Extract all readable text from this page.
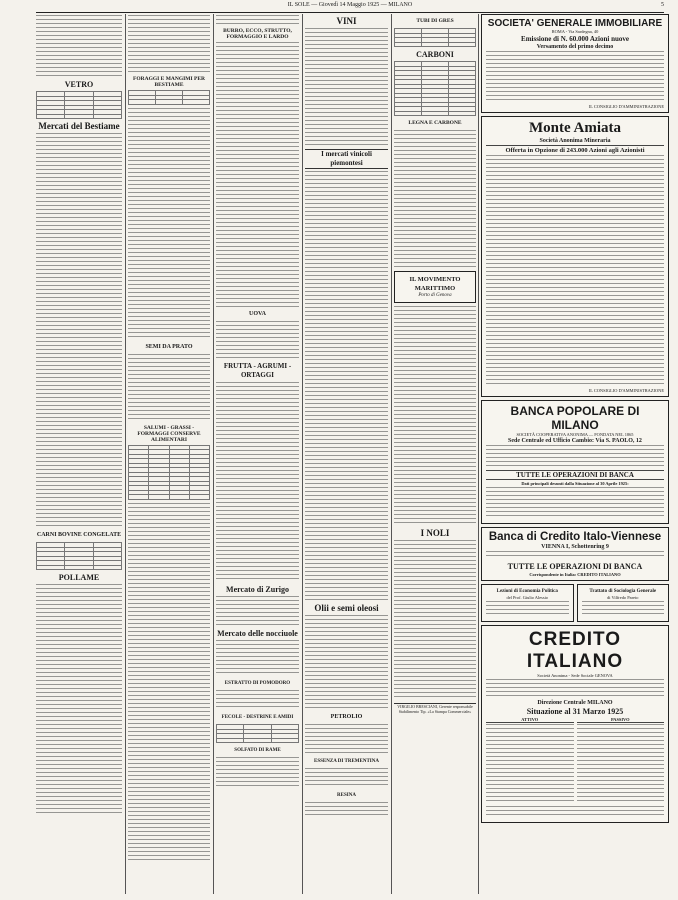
IL SOLE — Giovedì 14 Maggio 1925 — MILANO	5
VETRO

Mercati del Bestiame
CARNI BOVINE CONGELATE

POLLAME
FORAGGI E MANGIMI PER BESTIAME

SEMI DA PRATO
SALUMI - GRASSI - FORMAGGI CONSERVE ALIMENTARI

BURRO, ECCO, STRUTTO, FORMAGGIO E LARDO
UOVA
FRUTTA - AGRUMI - ORTAGGI
Mercato di Zurigo
Mercato delle nocciuole
ESTRATTO DI POMODORO
FECOLE - DESTRINE E AMIDI

SOLFATO DI RAME
VINI
I mercati vinicoli piemontesi
Olii e semi oleosi
PETROLIO
ESSENZA DI TREMENTINA
RESINA
TUBI DI GRES

CARBONI

LEGNA E CARBONE
IL MOVIMENTO MARITTIMO
Porto di Genova
I NOLI
VIRGILIO BRESCIANI, Gerente responsabile
Stabilimento Tip. «La Stampa Commerciale»
SOCIETA' GENERALE IMMOBILIARE
ROMA - Via Sardegna, 40
Emissione di N. 60.000 Azioni nuove
Versamento del primo decimo
IL CONSIGLIO D'AMMINISTRAZIONE
Monte Amiata
Società Anonima Mineraria
Offerta in Opzione di 243.000 Azioni agli Azionisti
IL CONSIGLIO D'AMMINISTRAZIONE
BANCA POPOLARE DI MILANO
SOCIETÀ COOPERATIVA ANONIMA — FONDATA NEL 1865
Sede Centrale ed Ufficio Cambio: Via S. PAOLO, 12
TUTTE LE OPERAZIONI DI BANCA
Dati principali desunti dalla Situazione al 30 Aprile 1925:
Banca di Credito Italo-Viennese
VIENNA I, Schottenring 9
TUTTE LE OPERAZIONI DI BANCA
Corrispondente in Italia: CREDITO ITALIANO
Lezioni di Economia Politica
del Prof. Giulio Alessio
Trattato di Sociologia Generale
di Vilfredo Pareto
CREDITO ITALIANO
Società Anonima - Sede Sociale GENOVA
Direzione Centrale MILANO
Situazione al 31 Marzo 1925
ATTIVO	PASSIVO
